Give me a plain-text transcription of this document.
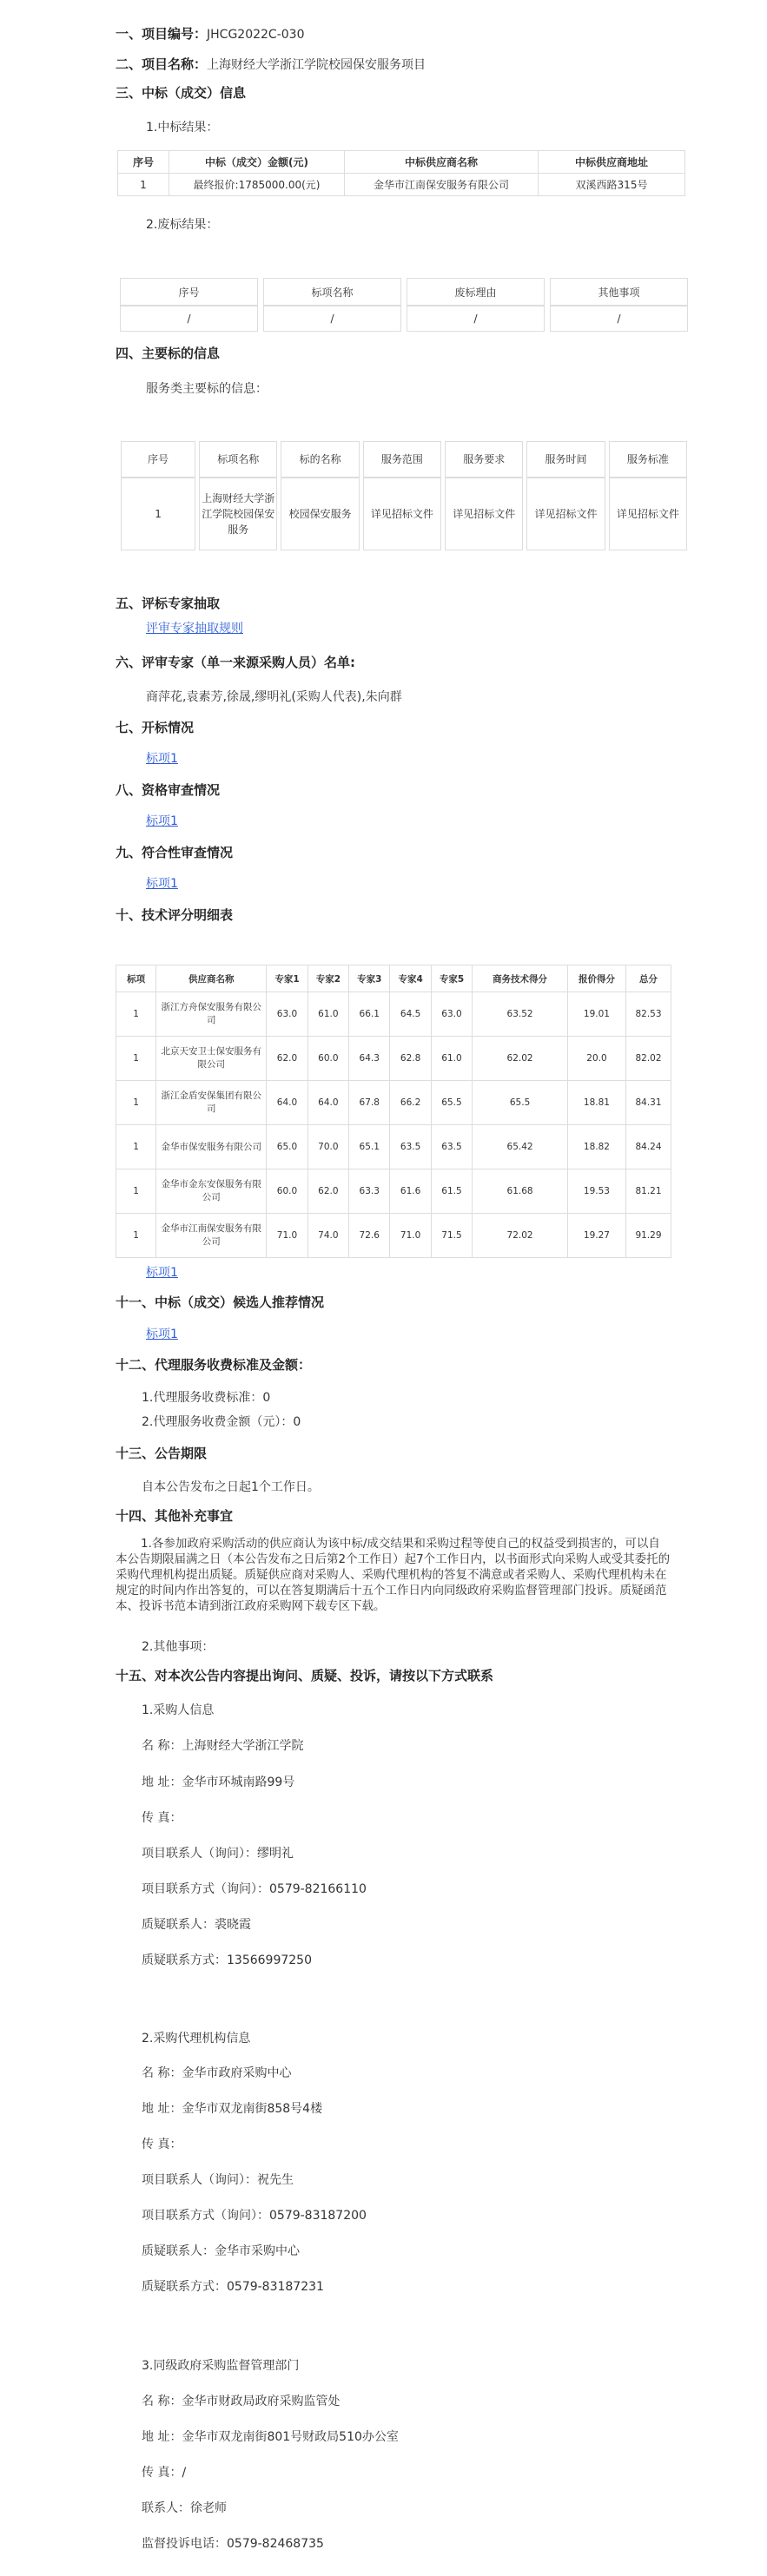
一、项目编号：JHCG2022C-030
二、项目名称：上海财经大学浙江学院校园保安服务项目
三、中标（成交）信息
1.中标结果：
序号	中标（成交）金额(元)	中标供应商名称	中标供应商地址
1	最终报价:1785000.00(元)	金华市江南保安服务有限公司	双溪西路315号
2.废标结果：
序号	标项名称	废标理由	其他事项
/	/	/	/
四、主要标的信息
服务类主要标的信息：
序号	标项名称	标的名称	服务范围	服务要求	服务时间	服务标准
1	上海财经大学浙江学院校园保安服务	校园保安服务	详见招标文件	详见招标文件	详见招标文件	详见招标文件
五、评标专家抽取
评审专家抽取规则
六、评审专家（单一来源采购人员）名单:
商萍花,袁素芳,徐晟,缪明礼(采购人代表),朱向群
七、开标情况
标项1
八、资格审查情况
标项1
九、符合性审查情况
标项1
十、技术评分明细表
标项	供应商名称	专家1	专家2	专家3	专家4	专家5	商务技术得分	报价得分	总分
1	浙江方舟保安服务有限公司	63.0	61.0	66.1	64.5	63.0	63.52	19.01	82.53
1	北京天安卫士保安服务有限公司	62.0	60.0	64.3	62.8	61.0	62.02	20.0	82.02
1	浙江金盾安保集团有限公司	64.0	64.0	67.8	66.2	65.5	65.5	18.81	84.31
1	金华市保安服务有限公司	65.0	70.0	65.1	63.5	63.5	65.42	18.82	84.24
1	金华市金东安保服务有限公司	60.0	62.0	63.3	61.6	61.5	61.68	19.53	81.21
1	金华市江南保安服务有限公司	71.0	74.0	72.6	71.0	71.5	72.02	19.27	91.29
标项1
十一、中标（成交）候选人推荐情况
标项1
十二、代理服务收费标准及金额：
1.代理服务收费标准：0
2.代理服务收费金额（元）：0
十三、公告期限
自本公告发布之日起1个工作日。
十四、其他补充事宜
1.各参加政府采购活动的供应商认为该中标/成交结果和采购过程等使自己的权益受到损害的，可以自本公告期限届满之日（本公告发布之日后第2个工作日）起7个工作日内，以书面形式向采购人或受其委托的采购代理机构提出质疑。质疑供应商对采购人、采购代理机构的答复不满意或者采购人、采购代理机构未在规定的时间内作出答复的，可以在答复期满后十五个工作日内向同级政府采购监督管理部门投诉。质疑函范本、投诉书范本请到浙江政府采购网下载专区下载。
2.其他事项：
十五、对本次公告内容提出询问、质疑、投诉，请按以下方式联系
1.采购人信息
名 称：上海财经大学浙江学院
地 址：金华市环城南路99号
传 真：
项目联系人（询问）：缪明礼
项目联系方式（询问）：0579-82166110
质疑联系人：裘晓霞
质疑联系方式：13566997250
2.采购代理机构信息
名 称：金华市政府采购中心
地 址：金华市双龙南街858号4楼
传 真：
项目联系人（询问）：祝先生
项目联系方式（询问）：0579-83187200
质疑联系人：金华市采购中心
质疑联系方式：0579-83187231
3.同级政府采购监督管理部门
名 称：金华市财政局政府采购监管处
地 址：金华市双龙南街801号财政局510办公室
传 真：/
联系人：徐老师
监督投诉电话：0579-82468735
